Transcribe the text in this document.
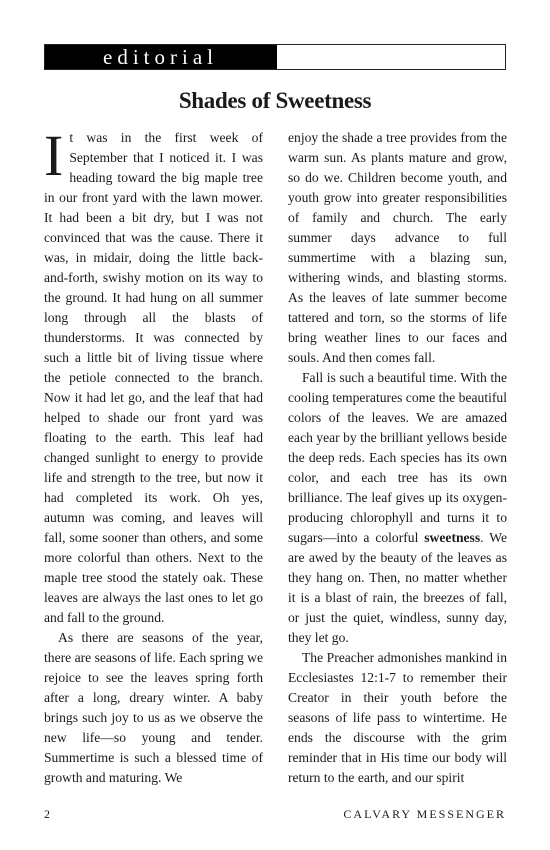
editorial
Shades of Sweetness

It was in the first week of September that I noticed it. I was heading toward the big maple tree in our front yard with the lawn mower. It had been a bit dry, but I was not convinced that was the cause. There it was, in midair, doing the little back-and-forth, swishy motion on its way to the ground. It had hung on all summer long through all the blasts of thunderstorms. It was connected by such a little bit of living tissue where the petiole connected to the branch. Now it had let go, and the leaf that had helped to shade our front yard was floating to the earth. This leaf had changed sunlight to energy to provide life and strength to the tree, but now it had completed its work. Oh yes, autumn was coming, and leaves will fall, some sooner than others, and some more colorful than others. Next to the maple tree stood the stately oak. These leaves are always the last ones to let go and fall to the ground.

As there are seasons of the year, there are seasons of life. Each spring we rejoice to see the leaves spring forth after a long, dreary winter. A baby brings such joy to us as we observe the new life—so young and tender. Summertime is such a blessed time of growth and maturing. We

enjoy the shade a tree provides from the warm sun. As plants mature and grow, so do we. Children become youth, and youth grow into greater responsibilities of family and church. The early summer days advance to full summertime with a blazing sun, withering winds, and blasting storms. As the leaves of late summer become tattered and torn, so the storms of life bring weather lines to our faces and souls. And then comes fall.

Fall is such a beautiful time. With the cooling temperatures come the beautiful colors of the leaves. We are amazed each year by the brilliant yellows beside the deep reds. Each species has its own color, and each tree has its own brilliance. The leaf gives up its oxygen-producing chlorophyll and turns it to sugars—into a colorful sweetness. We are awed by the beauty of the leaves as they hang on. Then, no matter whether it is a blast of rain, the breezes of fall, or just the quiet, windless, sunny day, they let go.

The Preacher admonishes mankind in Ecclesiastes 12:1-7 to remember their Creator in their youth before the seasons of life pass to wintertime. He ends the discourse with the grim reminder that in His time our body will return to the earth, and our spirit

2	CALVARY MESSENGER
